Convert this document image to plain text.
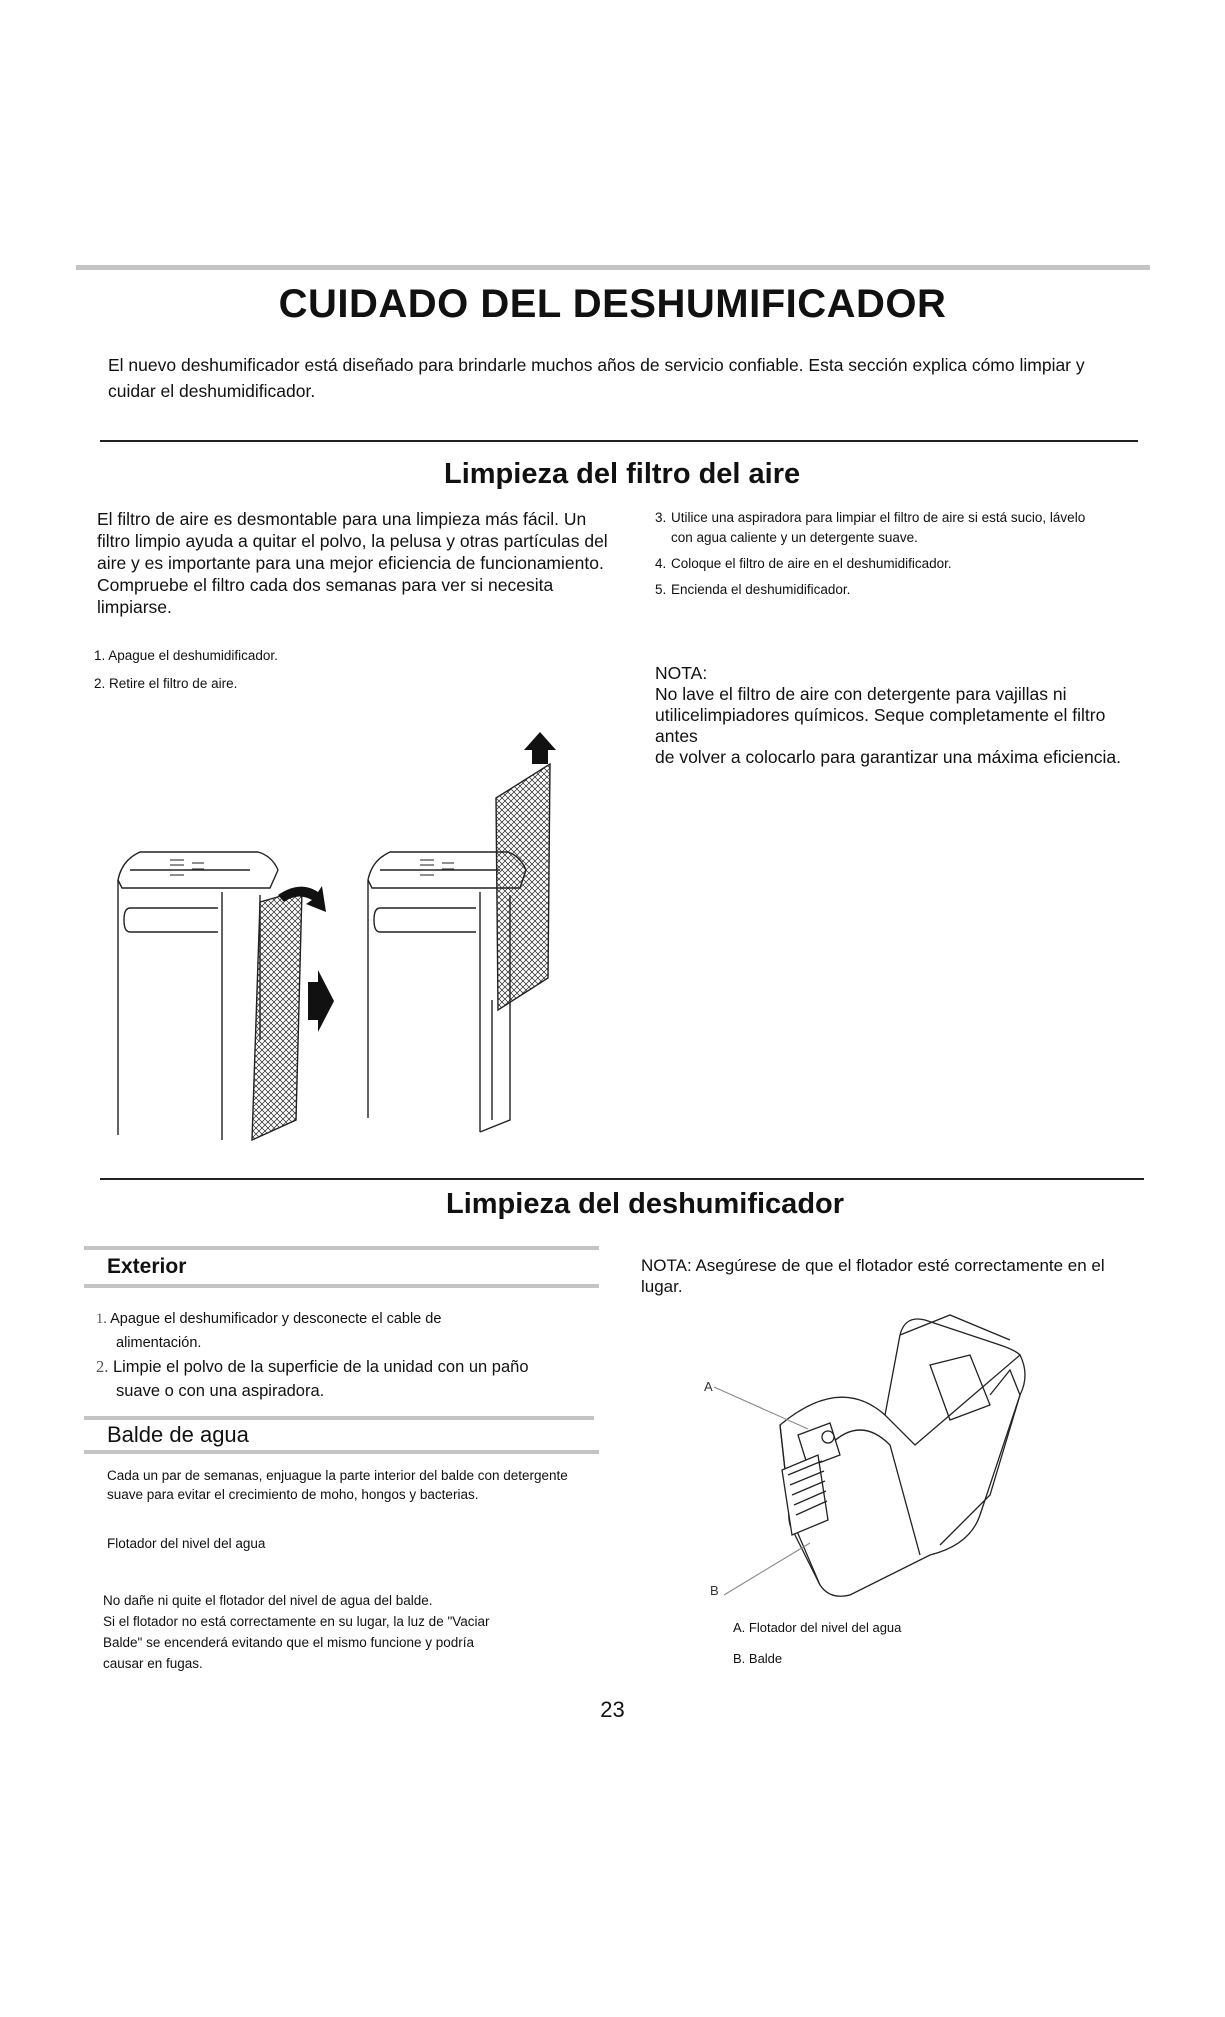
CUIDADO DEL DESHUMIFICADOR
El nuevo deshumificador está diseñado para brindarle muchos años de servicio confiable. Esta sección explica cómo limpiar y cuidar el deshumidificador.
Limpieza del filtro del aire
El filtro de aire es desmontable para una limpieza más fácil. Un filtro limpio ayuda a quitar el polvo, la pelusa y otras partículas del aire y es importante para una mejor eficiencia de funcionamiento. Compruebe el filtro cada dos semanas para ver si necesita limpiarse.
1. Apague el deshumidificador.
2. Retire el filtro de aire.
3. Utilice una aspiradora para limpiar el filtro de aire si está sucio, lávelo con agua caliente y un detergente suave.
4. Coloque el filtro de aire en el deshumidificador.
5. Encienda el deshumidificador.
NOTA:
No lave el filtro de aire con detergente para vajillas ni
utilicelimpiadores químicos. Seque completamente el filtro
antes
de volver a colocarlo para garantizar una máxima eficiencia.
Limpieza del deshumificador
Exterior
1. Apague el deshumificador y desconecte el cable de
alimentación.
2. Limpie el polvo de la superficie de la unidad con un paño
suave o con una aspiradora.
Balde de agua
Cada un par de semanas, enjuague la parte interior del balde con detergente suave para evitar el crecimiento de moho, hongos y bacterias.
Flotador del nivel del agua
No dañe ni quite el flotador del nivel de agua del balde.
Si el flotador no está correctamente en su lugar, la luz de "Vaciar
Balde" se encenderá evitando que el mismo funcione y podría
causar en fugas.
NOTA: Asegúrese de que el flotador esté correctamente en el lugar.
A
B
A. Flotador del nivel del agua
B. Balde
23
